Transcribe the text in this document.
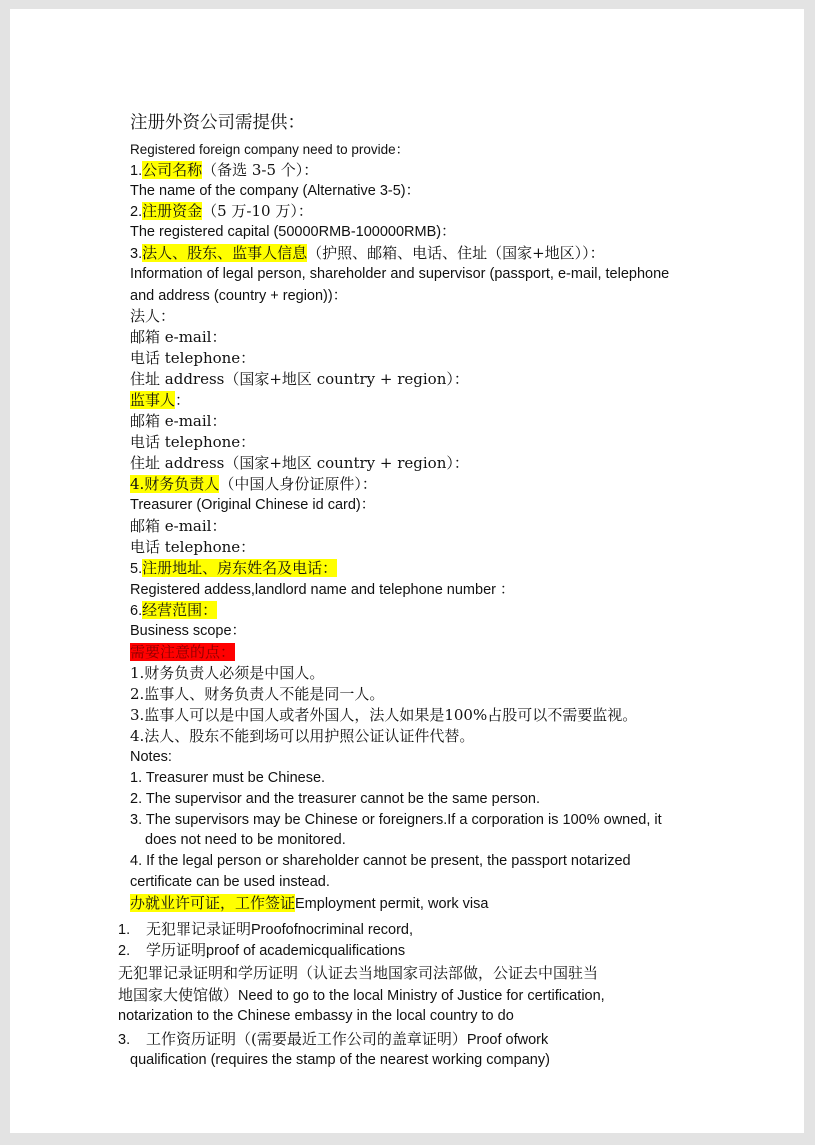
注册外资公司需提供：
Registered foreign company need to provide：
1.公司名称（备选 3-5 个）：
The name of the company (Alternative 3-5)：
2.注册资金（5 万-10 万）：
The registered capital (50000RMB-100000RMB)：
3.法人、股东、监事人信息（护照、邮箱、电话、住址（国家+地区））：
Information of legal person, shareholder and supervisor (passport, e-mail, telephone
and address (country + region))：
法人：
邮箱 e-mail：
电话 telephone：
住址 address（国家+地区 country + region）：
监事人：
邮箱 e-mail：
电话 telephone：
住址 address（国家+地区 country + region）：
4.财务负责人（中国人身份证原件）：
Treasurer (Original Chinese id card)：
邮箱 e-mail：
电话 telephone：
5.注册地址、房东姓名及电话：
Registered addess,landlord name and telephone number ：
6.经营范围：
Business scope：
需要注意的点：
1.财务负责人必须是中国人。
2.监事人、财务负责人不能是同一人。
3.监事人可以是中国人或者外国人，法人如果是100%占股可以不需要监视。
4.法人、股东不能到场可以用护照公证认证件代替。
Notes:
1. Treasurer must be Chinese.
2. The supervisor and the treasurer cannot be the same person.
3. The supervisors may be Chinese or foreigners.If a corporation is 100% owned, it
does not need to be monitored.
4. If the legal person or shareholder cannot be present, the passport notarized
certificate can be used instead.
办就业许可证，工作签证Employment permit, work visa
1. 无犯罪记录证明Proofofnocriminal record,
2. 学历证明proof of academicqualifications
无犯罪记录证明和学历证明（认证去当地国家司法部做，公证去中国驻当
地国家大使馆做）Need to go to the local Ministry of Justice for certification,
notarization to the Chinese embassy in the local country to do
3. 工作资历证明（(需要最近工作公司的盖章证明）Proof ofwork
qualification (requires the stamp of the nearest working company)
